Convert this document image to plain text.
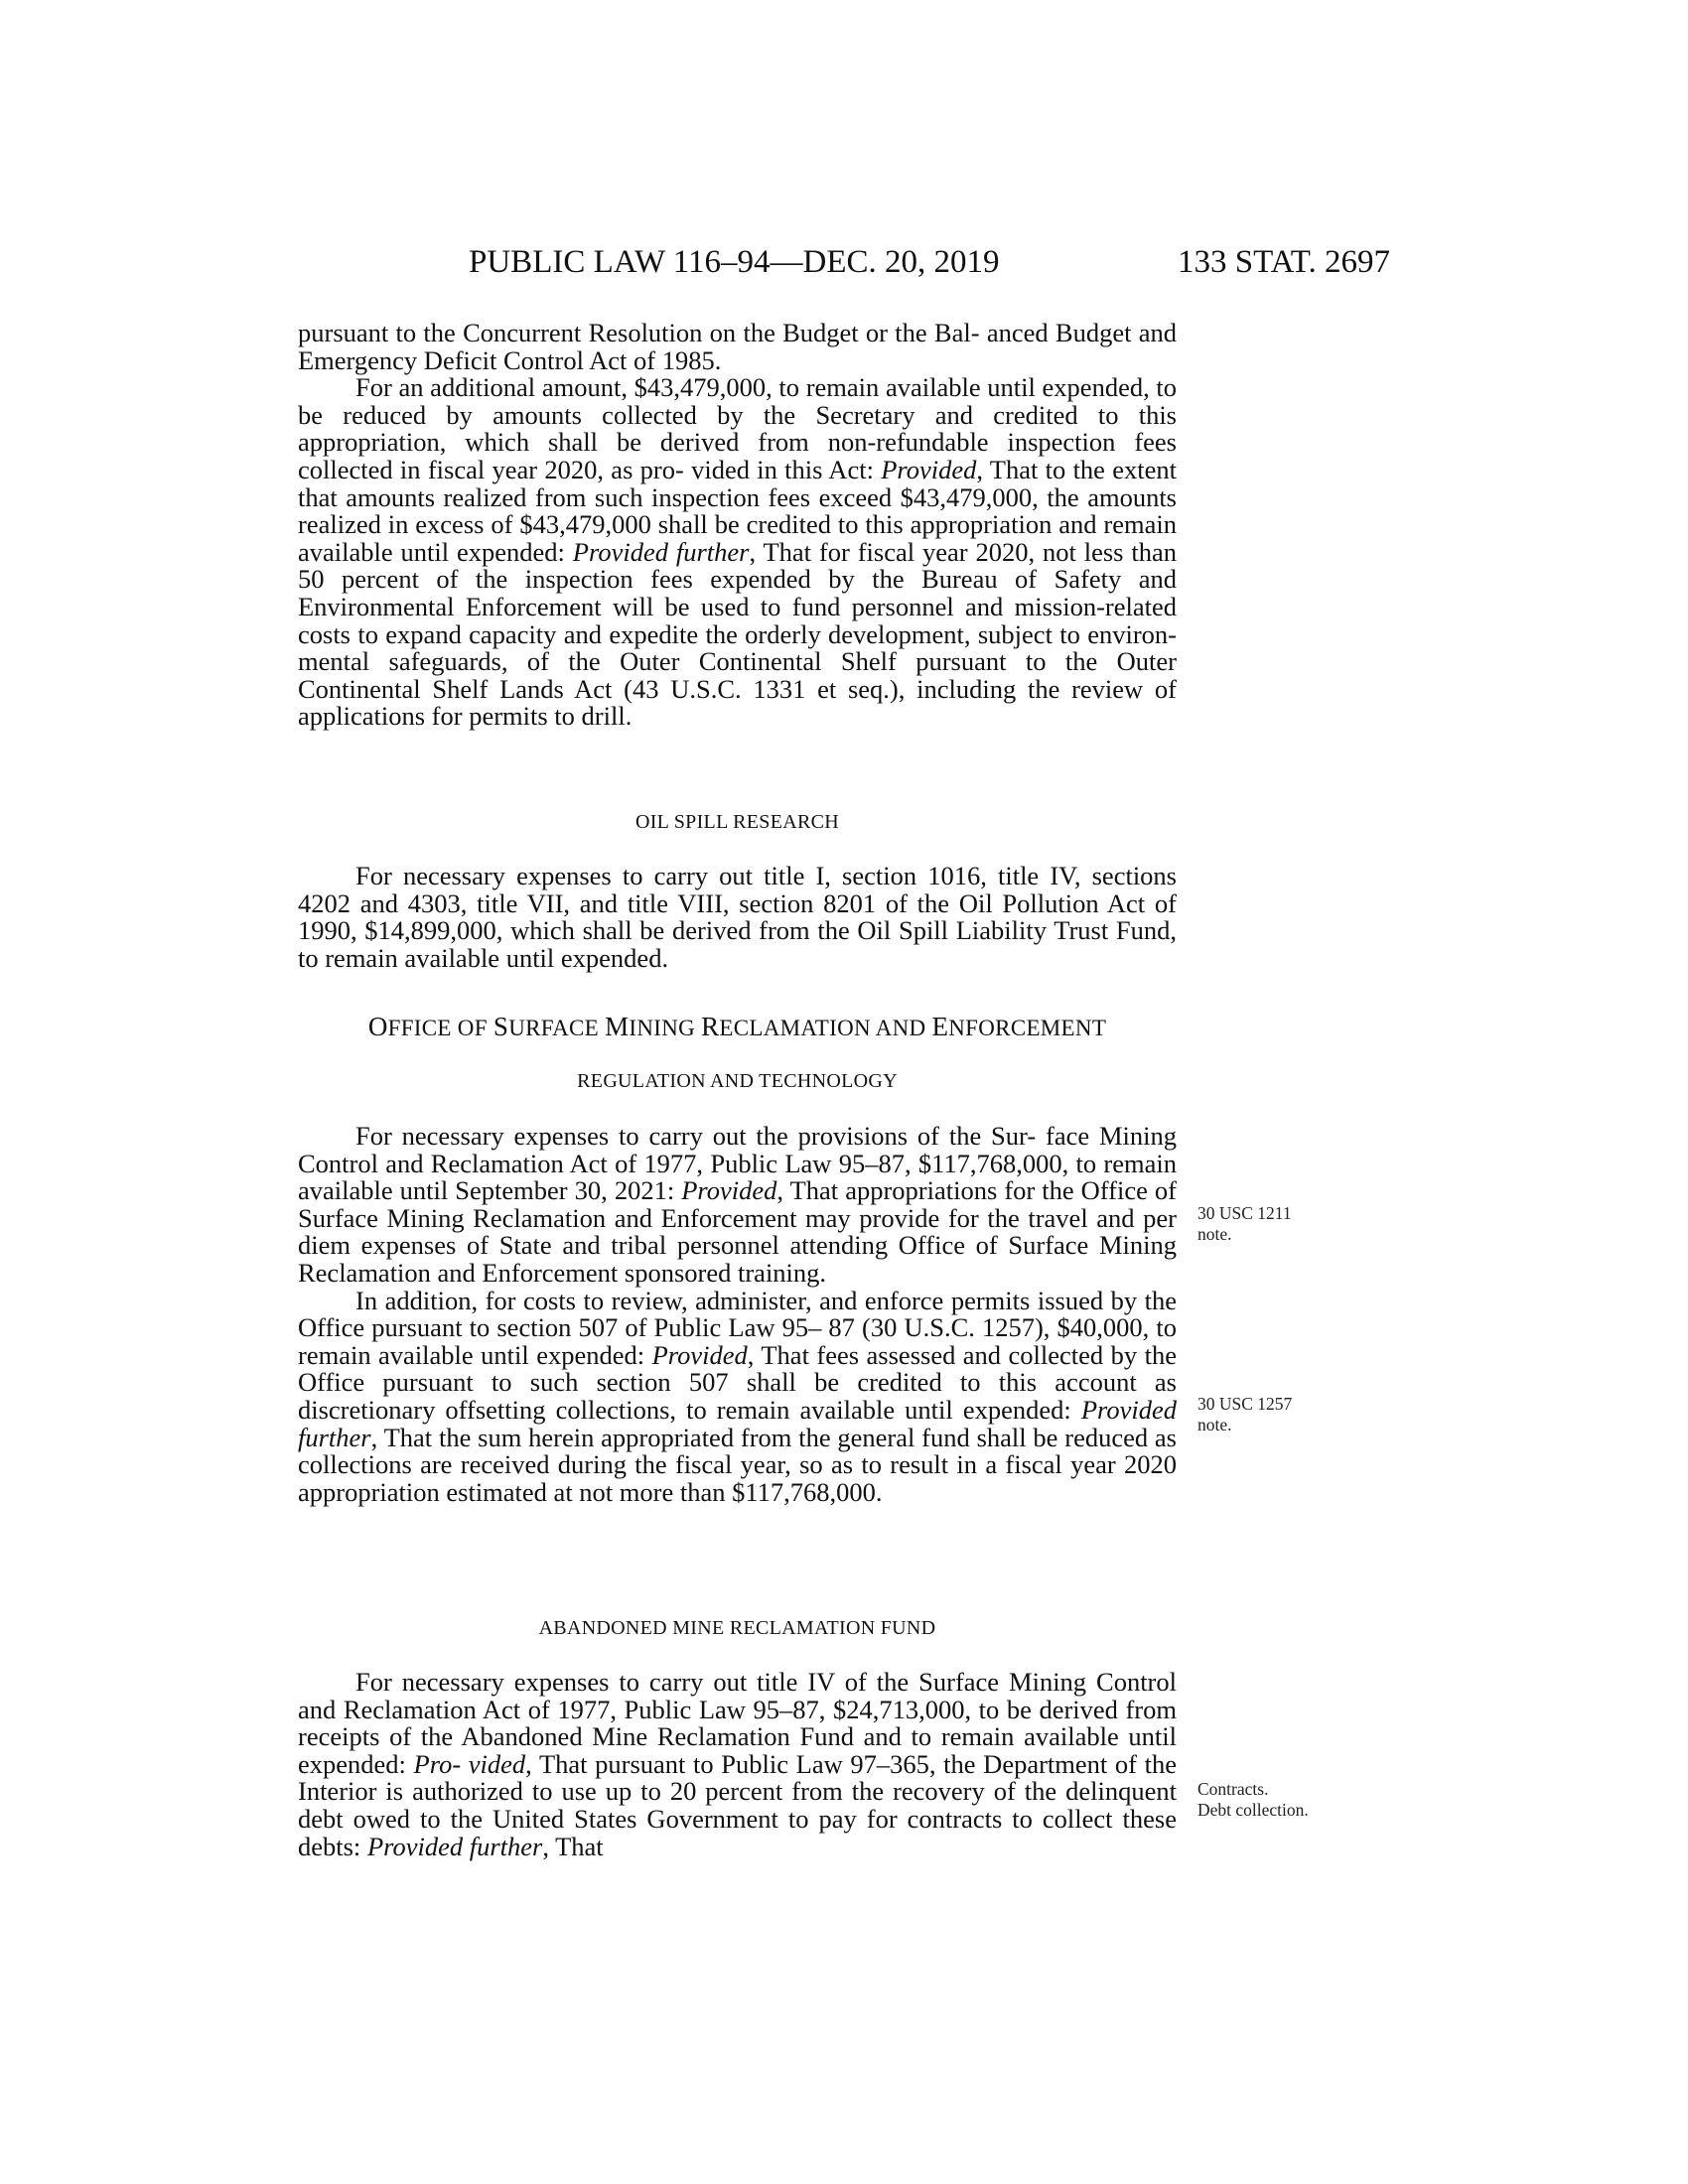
PUBLIC LAW 116–94—DEC. 20, 2019	133 STAT. 2697

pursuant to the Concurrent Resolution on the Budget or the Bal- anced Budget and Emergency Deficit Control Act of 1985.

For an additional amount, $43,479,000, to remain available until expended, to be reduced by amounts collected by the Secretary and credited to this appropriation, which shall be derived from non-refundable inspection fees collected in fiscal year 2020, as pro- vided in this Act: Provided, That to the extent that amounts realized from such inspection fees exceed $43,479,000, the amounts realized in excess of $43,479,000 shall be credited to this appropriation and remain available until expended: Provided further, That for fiscal year 2020, not less than 50 percent of the inspection fees expended by the Bureau of Safety and Environmental Enforcement will be used to fund personnel and mission-related costs to expand capacity and expedite the orderly development, subject to environ- mental safeguards, of the Outer Continental Shelf pursuant to the Outer Continental Shelf Lands Act (43 U.S.C. 1331 et seq.), including the review of applications for permits to drill.

OIL SPILL RESEARCH

For necessary expenses to carry out title I, section 1016, title IV, sections 4202 and 4303, title VII, and title VIII, section 8201 of the Oil Pollution Act of 1990, $14,899,000, which shall be derived from the Oil Spill Liability Trust Fund, to remain available until expended.

OFFICE OF SURFACE MINING RECLAMATION AND ENFORCEMENT
REGULATION AND TECHNOLOGY

For necessary expenses to carry out the provisions of the Sur- face Mining Control and Reclamation Act of 1977, Public Law 95–87, $117,768,000, to remain available until September 30, 2021: Provided, That appropriations for the Office of Surface Mining Reclamation and Enforcement may provide for the travel and per diem expenses of State and tribal personnel attending Office of Surface Mining Reclamation and Enforcement sponsored training.

In addition, for costs to review, administer, and enforce permits issued by the Office pursuant to section 507 of Public Law 95– 87 (30 U.S.C. 1257), $40,000, to remain available until expended: Provided, That fees assessed and collected by the Office pursuant to such section 507 shall be credited to this account as discretionary offsetting collections, to remain available until expended: Provided further, That the sum herein appropriated from the general fund shall be reduced as collections are received during the fiscal year, so as to result in a fiscal year 2020 appropriation estimated at not more than $117,768,000.

ABANDONED MINE RECLAMATION FUND

For necessary expenses to carry out title IV of the Surface Mining Control and Reclamation Act of 1977, Public Law 95–87, $24,713,000, to be derived from receipts of the Abandoned Mine Reclamation Fund and to remain available until expended: Pro- vided, That pursuant to Public Law 97–365, the Department of the Interior is authorized to use up to 20 percent from the recovery of the delinquent debt owed to the United States Government to pay for contracts to collect these debts: Provided further, That

30 USC 1211
note.
30 USC 1257
note.
Contracts.
Debt collection.
